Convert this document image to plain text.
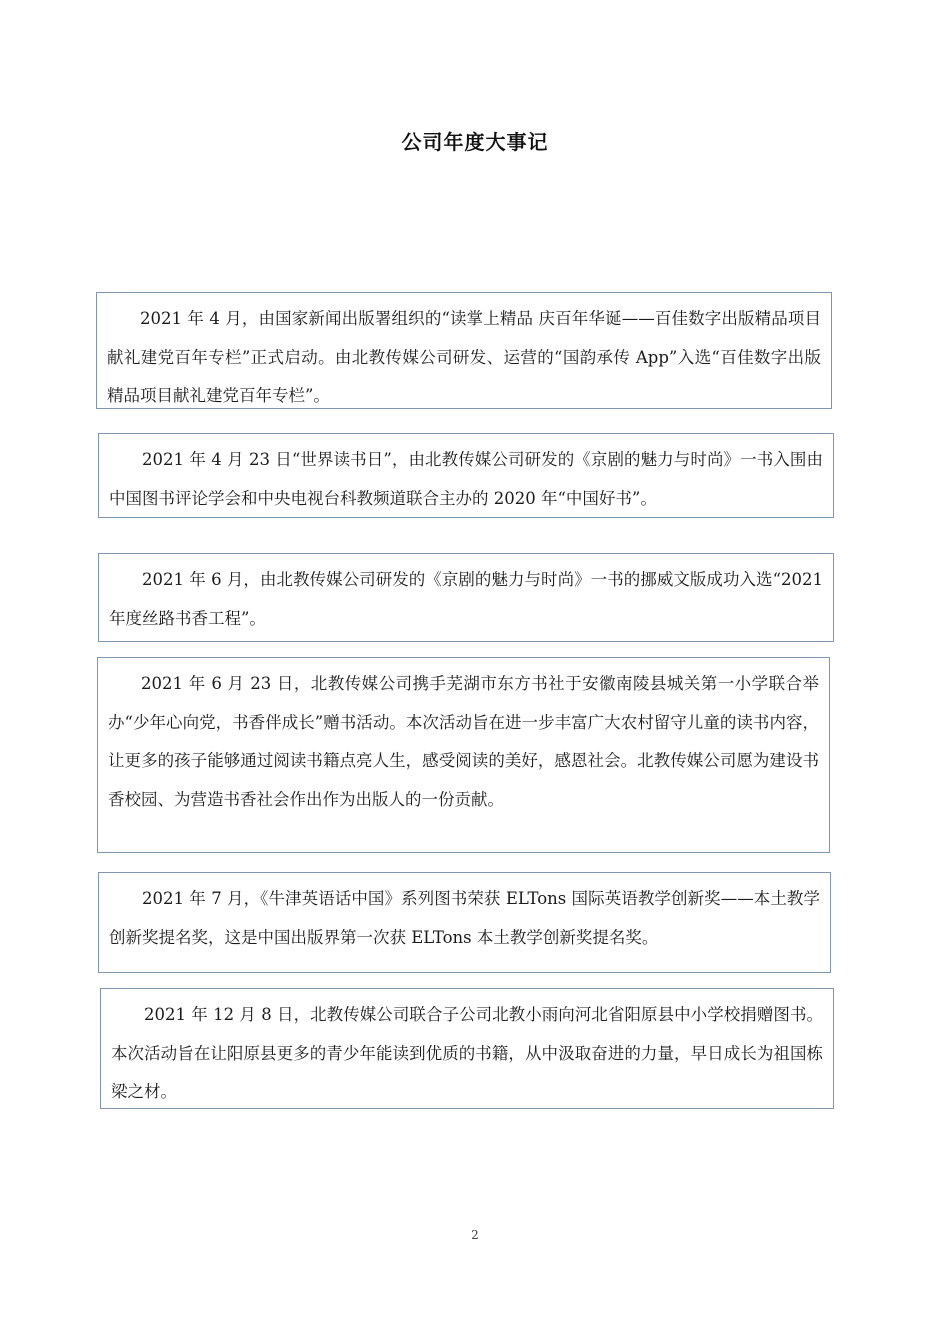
公司年度大事记
2021 年 4 月，由国家新闻出版署组织的“读掌上精品 庆百年华诞——百佳数字出版精品项目献礼建党百年专栏”正式启动。由北教传媒公司研发、运营的“国韵承传 App”入选“百佳数字出版精品项目献礼建党百年专栏”。
2021 年 4 月 23 日“世界读书日”，由北教传媒公司研发的《京剧的魅力与时尚》一书入围由中国图书评论学会和中央电视台科教频道联合主办的 2020 年“中国好书”。
2021 年 6 月，由北教传媒公司研发的《京剧的魅力与时尚》一书的挪威文版成功入选“2021 年度丝路书香工程”。
2021 年 6 月 23 日，北教传媒公司携手芜湖市东方书社于安徽南陵县城关第一小学联合举办“少年心向党，书香伴成长”赠书活动。本次活动旨在进一步丰富广大农村留守儿童的读书内容，让更多的孩子能够通过阅读书籍点亮人生，感受阅读的美好，感恩社会。北教传媒公司愿为建设书香校园、为营造书香社会作出作为出版人的一份贡献。
2021 年 7 月，《牛津英语话中国》系列图书荣获 ELTons 国际英语教学创新奖——本土教学创新奖提名奖，这是中国出版界第一次获 ELTons 本土教学创新奖提名奖。
2021 年 12 月 8 日，北教传媒公司联合子公司北教小雨向河北省阳原县中小学校捐赠图书。本次活动旨在让阳原县更多的青少年能读到优质的书籍，从中汲取奋进的力量，早日成长为祖国栋梁之材。
2
